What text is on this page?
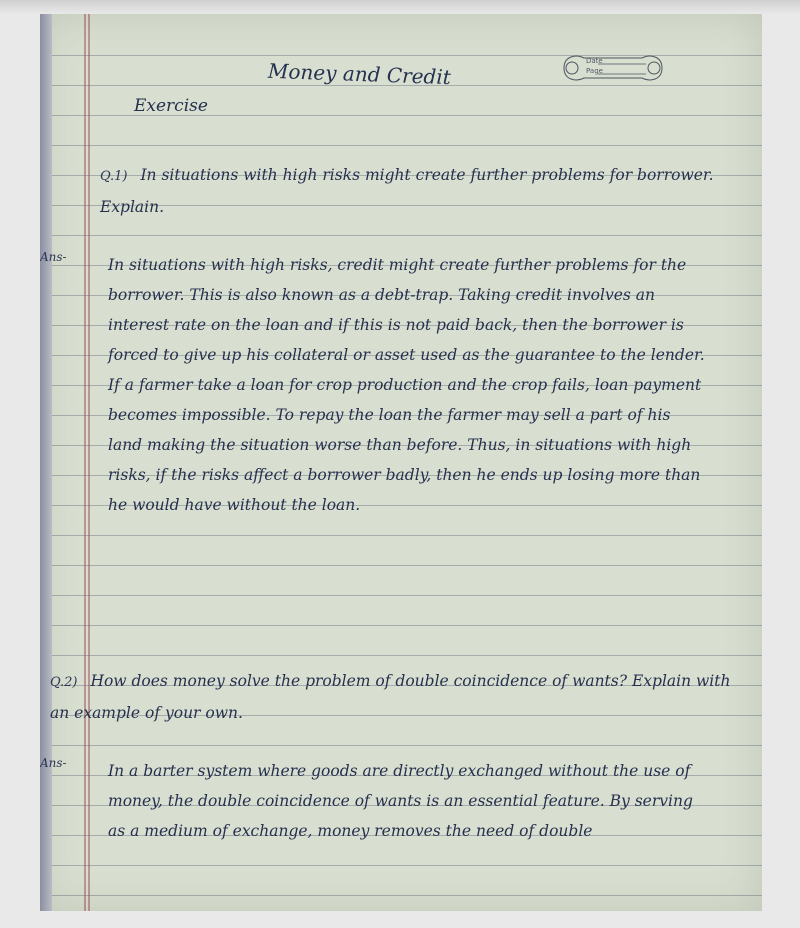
Money and Credit	Date
Page
Exercise

Q.1) In situations with high risks might create further problems for borrower. Explain.

Ans-	In situations with high risks, credit might create further problems for the borrower. This is also known as a debt-trap. Taking credit involves an interest rate on the loan and if this is not paid back, then the borrower is forced to give up his collateral or asset used as the guarantee to the lender. If a farmer take a loan for crop production and the crop fails, loan payment becomes impossible. To repay the loan the farmer may sell a part of his land making the situation worse than before. Thus, in situations with high risks, if the risks affect a borrower badly, then he ends up losing more than he would have without the loan.

Q.2) How does money solve the problem of double coincidence of wants? Explain with an example of your own.

Ans-	In a barter system where goods are directly exchanged without the use of money, the double coincidence of wants is an essential feature. By serving as a medium of exchange, money removes the need of double
